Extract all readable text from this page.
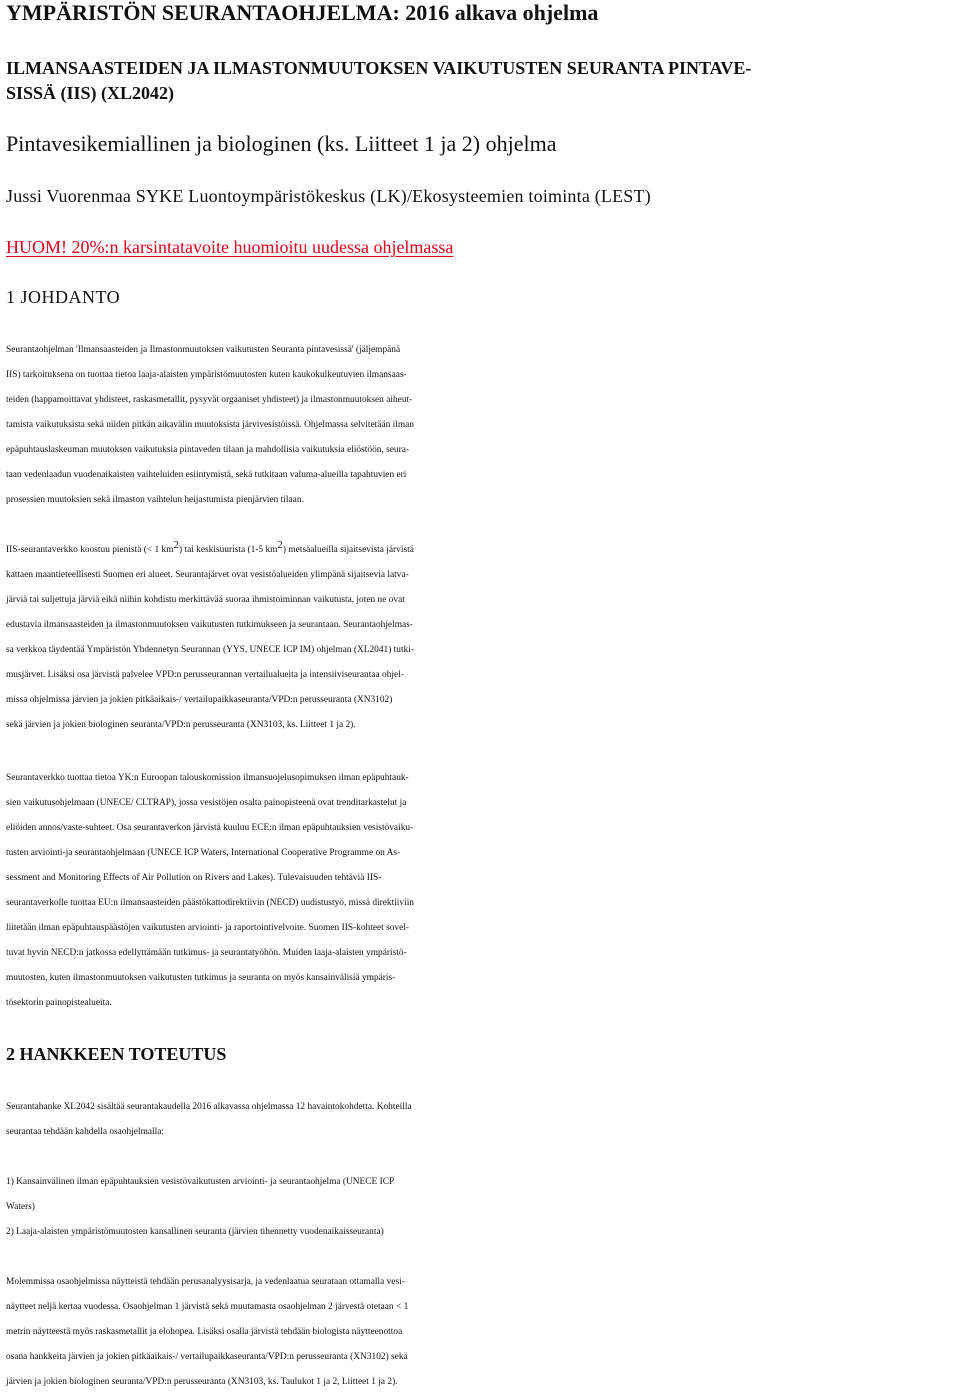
YMPÄRISTÖN SEURANTAOHJELMA: 2016 alkava ohjelma
ILMANSAASTEIDEN JA ILMASTONMUUTOKSEN VAIKUTUSTEN SEURANTA PINTAVE-
SISSÄ (IIS) (XL2042)
Pintavesikemiallinen ja biologinen (ks. Liitteet 1 ja 2) ohjelma
Jussi Vuorenmaa SYKE Luontoympäristökeskus (LK)/Ekosysteemien toiminta (LEST)
HUOM! 20%:n karsintatavoite huomioitu uudessa ohjelmassa
1 JOHDANTO
Seurantaohjelman 'Ilmansaasteiden ja Ilmastonmuutoksen vaikutusten Seuranta pintavesissä' (jäljempänä
IIS) tarkoituksena on tuottaa tietoa laaja-alaisten ympäristömuutosten kuten kaukokulkeutuvien ilmansaas-
teiden (happamoittavat yhdisteet, raskasmetallit, pysyvät orgaaniset yhdisteet) ja ilmastonmuutoksen aiheut-
tamista vaikutuksista sekä niiden pitkän aikavälin muutoksista järvivesistöissä. Ohjelmassa selvitetään ilman
epäpuhtauslaskeuman muutoksen vaikutuksia pintaveden tilaan ja mahdollisia vaikutuksia eliöstöön, seura-
taan vedenlaadun vuodenaikaisten vaihteluiden esiintymistä, sekä tutkitaan valuma-alueilla tapahtuvien eri
prosessien muutoksien sekä ilmaston vaihtelun heijastumista pienjärvien tilaan.
IIS-seurantaverkko koostuu pienistä (< 1 $km^2$) tai keskisuurista (1-5 $km^2$) metsäalueilla sijaitsevista järvistä
kattaen maantieteellisesti Suomen eri alueet. Seurantajärvet ovat vesistöalueiden ylimpänä sijaitsevia latva-
järviä tai suljettuja järviä eikä niihin kohdistu merkittävää suoraa ihmistoiminnan vaikutusta, joten ne ovat
edustavia ilmansaasteiden ja ilmastonmuutoksen vaikutusten tutkimukseen ja seurantaan. Seurantaohjelmas-
sa verkkoa täydentää Ympäristön Yhdennetyn Seurannan (YYS, UNECE ICP IM) ohjelman (XL2041) tutki-
musjärvet. Lisäksi osa järvistä palvelee VPD:n perusseurannan vertailualueita ja intensiiviseurantaa ohjel-
missa ohjelmissa järvien ja jokien pitkäaikais-/ vertailupaikkaseuranta/VPD:n perusseuranta (XN3102)
sekä järvien ja jokien biologinen seuranta/VPD:n perusseuranta (XN3103, ks. Liitteet 1 ja 2).
Seurantaverkko tuottaa tietoa YK:n Euroopan talouskomission ilmansuojelusopimuksen ilman epäpuhtauk-
sien vaikutusohjelmaan (UNECE/ CLTRAP), jossa vesistöjen osalta painopisteenä ovat trenditarkastelut ja
eliöiden annos/vaste-suhteet. Osa seurantaverkon järvistä kuuluu ECE:n ilman epäpuhtauksien vesistövaiku-
tusten arviointi-ja seurantaohjelmaan (UNECE ICP Waters, International Cooperative Programme on As-
sessment and Monitoring Effects of Air Pollution on Rivers and Lakes). Tulevaisuuden tehtäviä IIS-
seurantaverkolle tuottaa EU:n ilmansaasteiden päästökattodirektiivin (NECD) uudistustyö, missä direktiiviin
liitetään ilman epäpuhtauspäästöjen vaikutusten arviointi- ja raportointivelvoite. Suomen IIS-kohteet sovel-
tuvat hyvin NECD:n jatkossa edellyttämään tutkimus- ja seurantatyöhön. Muiden laaja-alaisten ympäristö-
muutosten, kuten ilmastonmuutoksen vaikutusten tutkimus ja seuranta on myös kansainvälisiä ympäris-
tösektorin painopistealueita.
2 HANKKEEN TOTEUTUS
Seurantahanke XL2042 sisältää seurantakaudella 2016 alkavassa ohjelmassa 12 havaintokohdetta. Kohteilla
seurantaa tehdään kahdella osaohjelmalla:
1) Kansainvälinen ilman epäpuhtauksien vesistövaikutusten arviointi- ja seurantaohjelma (UNECE ICP
Waters)
2) Laaja-alaisten ympäristömuutosten kansallinen seuranta (järvien tihennetty vuodenaikaisseuranta)
Molemmissa osaohjelmissa näytteistä tehdään perusanalyysisarja, ja vedenlaatua seurataan ottamalla vesi-
näytteet neljä kertaa vuodessa. Osaohjelman 1 järvistä sekä muutamasta osaohjelman 2 järvestä otetaan < 1
metrin näytteestä myös raskasmetallit ja elohopea. Lisäksi osalla järvistä tehdään biologista näytteenottoa
osana hankkeita järvien ja jokien pitkäaikais-/ vertailupaikkaseuranta/VPD:n perusseuranta (XN3102) sekä
järvien ja jokien biologinen seuranta/VPD:n perusseuranta (XN3103, ks. Taulukot 1 ja 2, Liitteet 1 ja 2).
